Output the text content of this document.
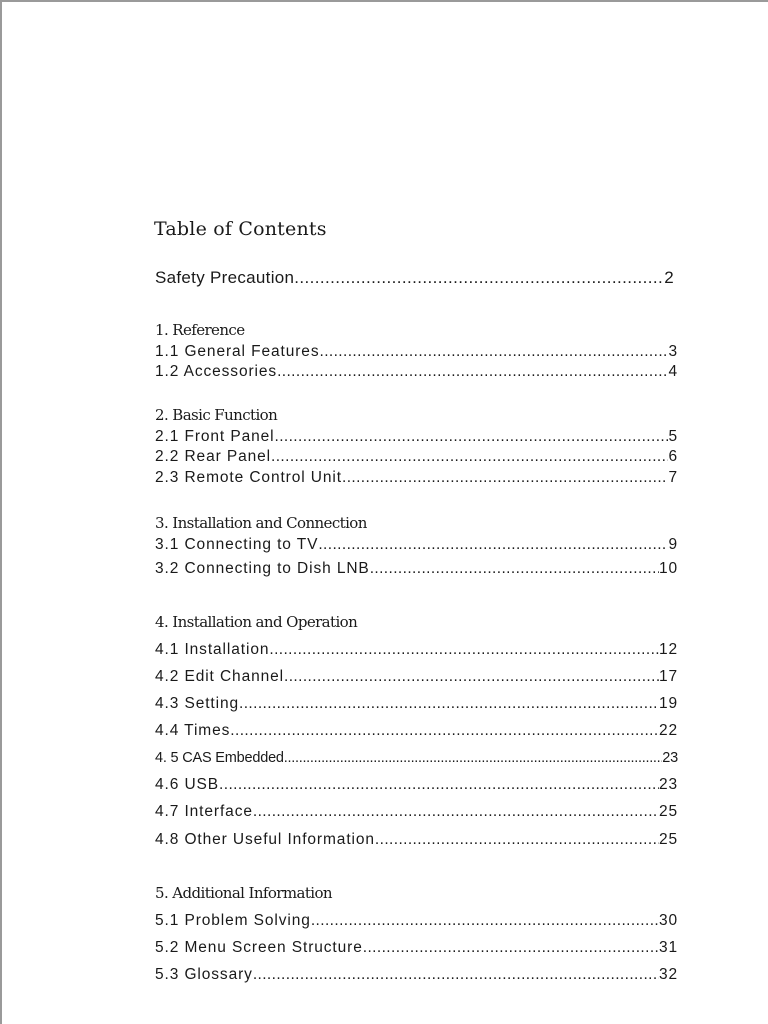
Table of Contents
Safety Precaution .....	2
1. Reference
1.1 General Features .....	3
1.2 Accessories .....	4
2. Basic Function
2.1 Front Panel .....	5
2.2 Rear Panel .....	6
2.3 Remote Control Unit .....	7
3. Installation and Connection
3.1 Connecting to TV .....	9
3.2 Connecting to Dish LNB .....	10
4. Installation and Operation
4.1 Installation .....	12
4.2 Edit Channel .....	17
4.3 Setting .....	19
4.4 Times .....	22
4. 5 CAS Embedded .....	23
4.6 USB .....	23
4.7 Interface .....	25
4.8 Other Useful Information .....	25
5. Additional Information
5.1 Problem Solving .....	30
5.2 Menu Screen Structure .....	31
5.3 Glossary .....	32
